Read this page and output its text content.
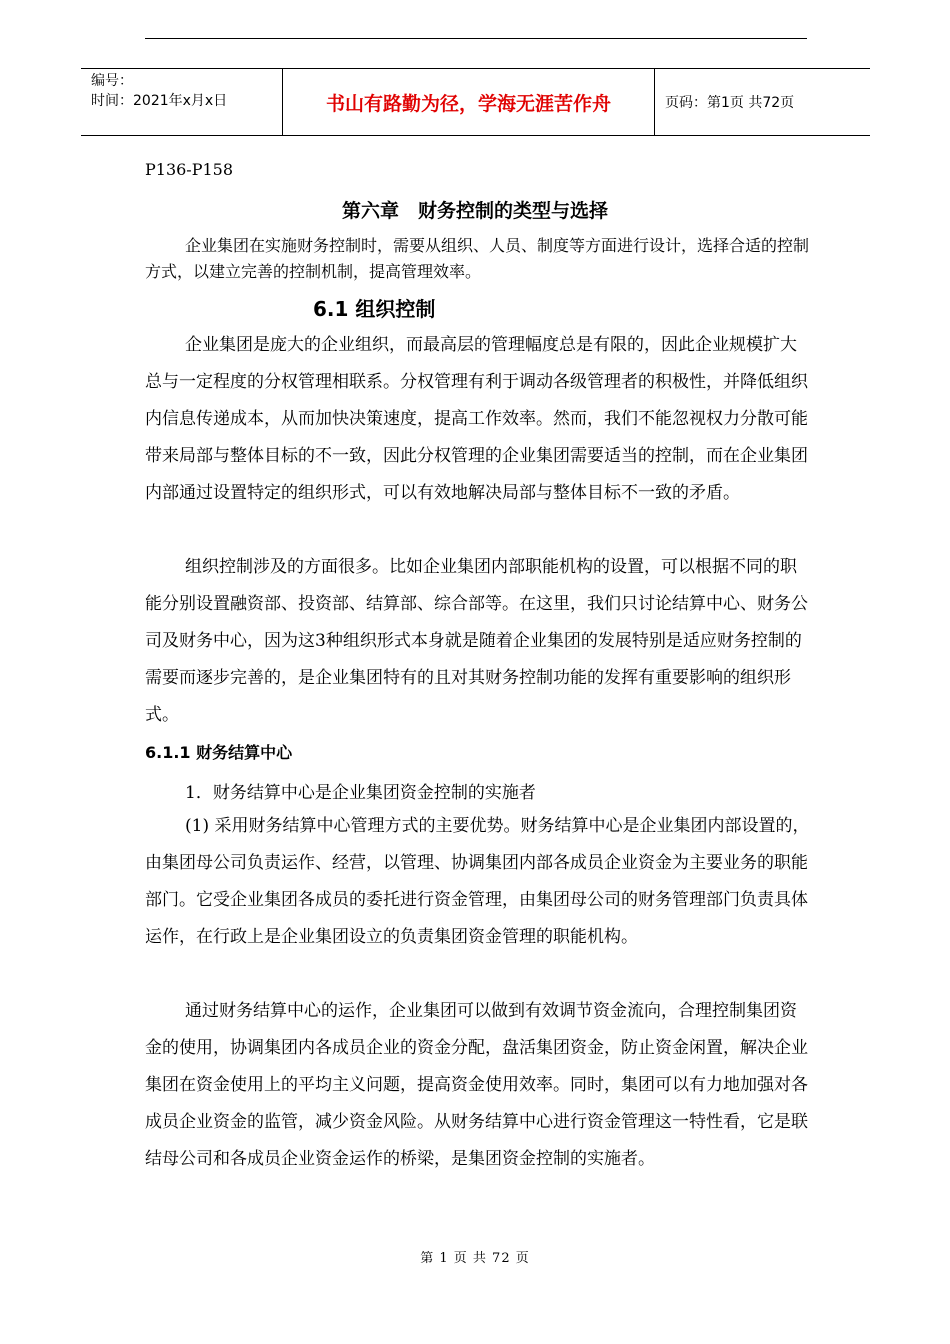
编号：
时间：2021年x月x日	书山有路勤为径，学海无涯苦作舟	页码：第1页 共72页
P136-P158
第六章　财务控制的类型与选择
企业集团在实施财务控制时，需要从组织、人员、制度等方面进行设计，选择合适的控制方式，以建立完善的控制机制，提高管理效率。
6.1 组织控制

企业集团是庞大的企业组织，而最高层的管理幅度总是有限的，因此企业规模扩大总与一定程度的分权管理相联系。分权管理有利于调动各级管理者的积极性，并降低组织内信息传递成本，从而加快决策速度，提高工作效率。然而，我们不能忽视权力分散可能带来局部与整体目标的不一致，因此分权管理的企业集团需要适当的控制，而在企业集团内部通过设置特定的组织形式，可以有效地解决局部与整体目标不一致的矛盾。

组织控制涉及的方面很多。比如企业集团内部职能机构的设置，可以根据不同的职能分别设置融资部、投资部、结算部、综合部等。在这里，我们只讨论结算中心、财务公司及财务中心，因为这3种组织形式本身就是随着企业集团的发展特别是适应财务控制的需要而逐步完善的，是企业集团特有的且对其财务控制功能的发挥有重要影响的组织形式。

6.1.1 财务结算中心
1．财务结算中心是企业集团资金控制的实施者

(1) 采用财务结算中心管理方式的主要优势。财务结算中心是企业集团内部设置的，由集团母公司负责运作、经营，以管理、协调集团内部各成员企业资金为主要业务的职能部门。它受企业集团各成员的委托进行资金管理，由集团母公司的财务管理部门负责具体运作，在行政上是企业集团设立的负责集团资金管理的职能机构。

通过财务结算中心的运作，企业集团可以做到有效调节资金流向，合理控制集团资金的使用，协调集团内各成员企业的资金分配，盘活集团资金，防止资金闲置，解决企业集团在资金使用上的平均主义问题，提高资金使用效率。同时，集团可以有力地加强对各成员企业资金的监管，减少资金风险。从财务结算中心进行资金管理这一特性看，它是联结母公司和各成员企业资金运作的桥梁，是集团资金控制的实施者。

第 1 页 共 72 页
